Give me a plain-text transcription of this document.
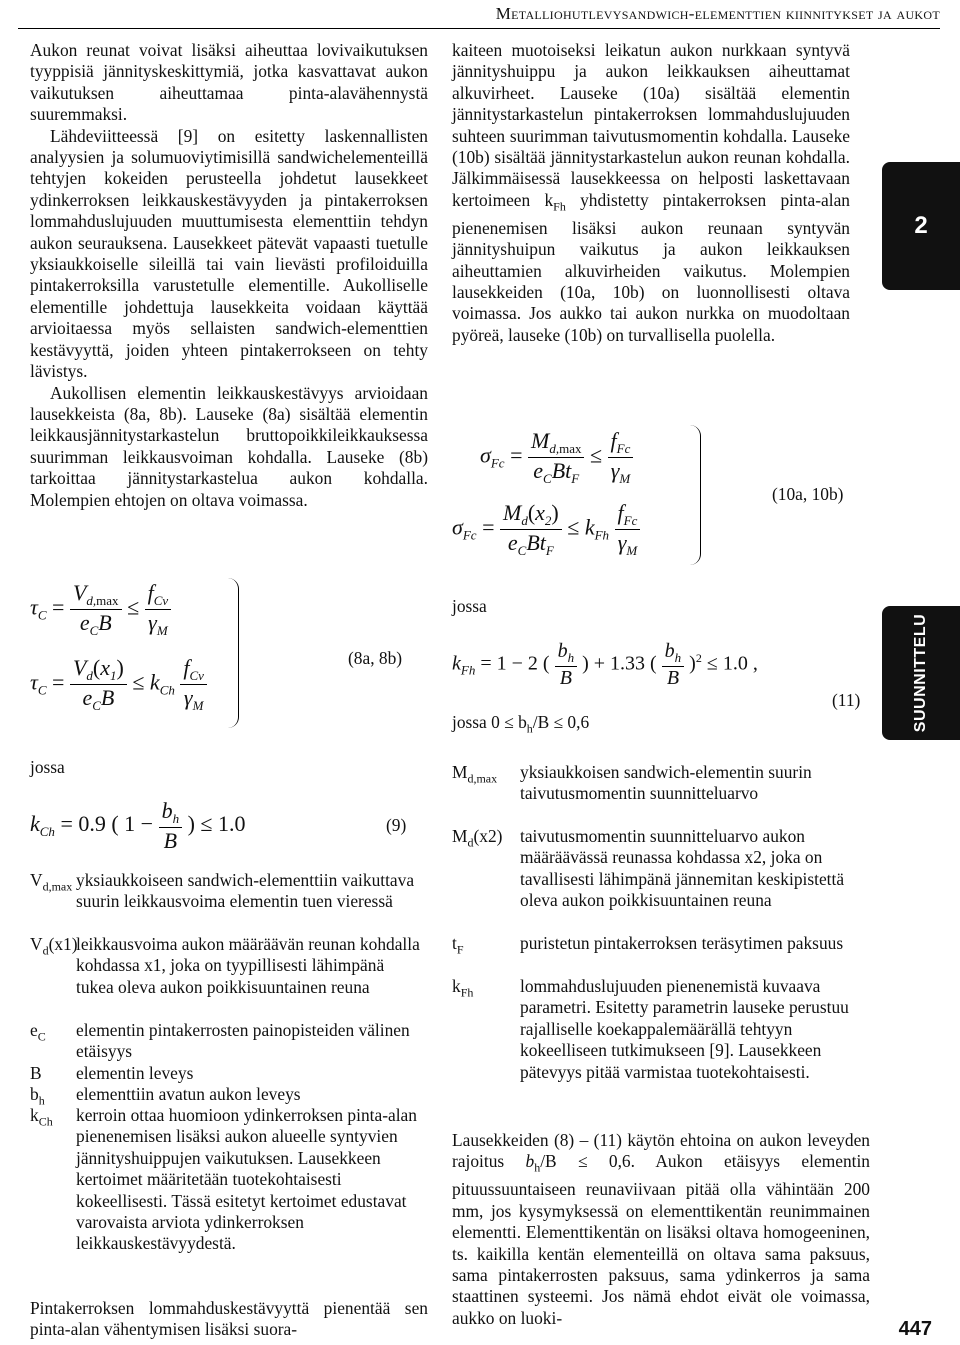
Metalliohutlevysandwich-elementtien kiinnitykset ja aukot

Aukon reunat voivat lisäksi aiheuttaa lovivaikutuksen tyyppisiä jännityskeskittymiä, jotka kasvattavat aukon vaikutuksen aiheuttamaa pinta-alavähennystä suuremmaksi.

Lähdeviitteessä [9] on esitetty laskennallisten analyysien ja solumuoviytimisillä sandwichelementeillä tehtyjen kokeiden perusteella johdetut lausekkeet ydinkerroksen leikkauskestävyyden ja pintakerroksen lommahduslujuuden muuttumisesta elementtiin tehdyn aukon seurauksena. Lausekkeet pätevät vapaasti tuetulle yksiaukkoiselle sileillä tai vain lievästi profiloiduilla pintakerroksilla varustetulle elementille. Aukolliselle elementille johdettuja lausekkeita voidaan käyttää arvioitaessa myös sellaisten sandwich-elementtien kestävyyttä, joiden yhteen pintakerrokseen on tehty lävistys.

Aukollisen elementin leikkauskestävyys arvioidaan lausekkeista (8a, 8b). Lauseke (8a) sisältää elementin leikkausjännitystarkastelun bruttopoikkileikkauksessa suurimman leikkausvoiman kohdalla. Lauseke (8b) tarkoittaa jännitystarkastelua aukon kohdalla. Molempien ehtojen on oltava voimassa.

$\tau_C = \frac{V_{d,max}}{e_CB} \le \frac{f_{Cv}}{\gamma_M}$
$\tau_C = \frac{V_d(x_1)}{e_CB} \le k_{Ch} \frac{f_{Cv}}{\gamma_M}$	(8a, 8b)
jossa
$k_{Ch} = 0.9$ ( $1 - \frac{b_h}{B}$ ) ≤ 1.0	(9)
$V_{d,max}$ yksiaukkoiseen sandwich-elementtiin vaikuttava suurin leikkausvoima elementin tuen vieressä
$V_d(x1)$
leikkausvoima aukon määräävän reunan kohdalla kohdassa x1, joka on tyypillisesti lähimpänä tukea oleva aukon poikkisuuntainen reuna
$e_C$ elementin pintakerrosten painopisteiden välinen etäisyys
B elementin leveys
$b_h$ elementtiin avatun aukon leveys
$k_{Ch}$ kerroin ottaa huomioon ydinkerroksen pinta-alan pienenemisen lisäksi aukon alueelle syntyvien jännityshuippujen vaikutuksen. Lausekkeen kertoimet määritetään tuotekohtaisesti kokeellisesti. Tässä esitetyt kertoimet edustavat varovaista arviota ydinkerroksen leikkauskestävyydestä.

Pintakerroksen lommahduskestävyyttä pienentää sen pinta-alan vähentymisen lisäksi suora-

kaiteen muotoiseksi leikatun aukon nurkkaan syntyvä jännityshuippu ja aukon leikkauksen aiheuttamat alkuvirheet. Lauseke (10a) sisältää elementin jännitystarkastelun pintakerroksen lommahduslujuuden suhteen suurimman taivutusmomentin kohdalla. Lauseke (10b) sisältää jännitystarkastelun aukon reunan kohdalla. Jälkimmäisessä lausekkeessa on helposti laskettavaan kertoimeen $k_{Fh}$ yhdistetty pintakerroksen pinta-alan pienenemisen lisäksi aukon reunaan syntyvän jännityshuipun vaikutus ja aukon leikkauksen aiheuttamien alkuvirheiden vaikutus. Molempien lausekkeiden (10a, 10b) on luonnollisesti oltava voimassa. Jos aukko tai aukon nurkka on muodoltaan pyöreä, lauseke (10b) on turvallisella puolella.

$\sigma_{Fc} = \frac{M_{d,max}}{e_CBt_F} \le \frac{f_{Fc}}{\gamma_M}$
$\sigma_{Fc} = \frac{M_d(x_2)}{e_CBt_F} \le k_{Fh} \frac{f_{Fc}}{\gamma_M}$
(10a, 10b)
jossa
$k_{Fh} = 1 - 2$ ( $\frac{b_h}{B}$ ) + 1.33 ( $\frac{b_h}{B} )^2 \le 1.0$ ,
(11)
jossa $0 \le b_h/B \le 0,6$
$M_{d,max}$ yksiaukkoisen sandwich-elementin suurin taivutusmomentin suunnitteluarvo
$M_d(x2)$ taivutusmomentin suunnitteluarvo aukon määräävässä reunassa kohdassa x2, joka on tavallisesti lähimpänä jännemitan keskipistettä oleva aukon poikkisuuntainen reuna
$t_F$	puristetun pintakerroksen teräsytimen paksuus
$k_{Fh}$	lommahduslujuuden pienenemistä kuvaava parametri. Esitetty parametrin lauseke perustuu rajalliselle koekappalemäärällä tehtyyn kokeelliseen tutkimukseen [9]. Lausekkeen pätevyys pitää varmistaa tuotekohtaisesti.

Lausekkeiden (8) – (11) käytön ehtoina on aukon leveyden rajoitus $b_h/B \le 0,6$. Aukon etäisyys elementin pituussuuntaiseen reunaviivaan pitää olla vähintään 200 mm, jos kysymyksessä on elementtikentän reunimmainen elementti. Elementtikentän on lisäksi oltava homogeeninen, ts. kaikilla kentän elementeillä on oltava sama paksuus, sama pintakerrosten paksuus, sama ydinkerros ja sama staattinen systeemi. Jos nämä ehdot eivät ole voimassa, aukko on luoki-

2
SUUNNITTELU
447
